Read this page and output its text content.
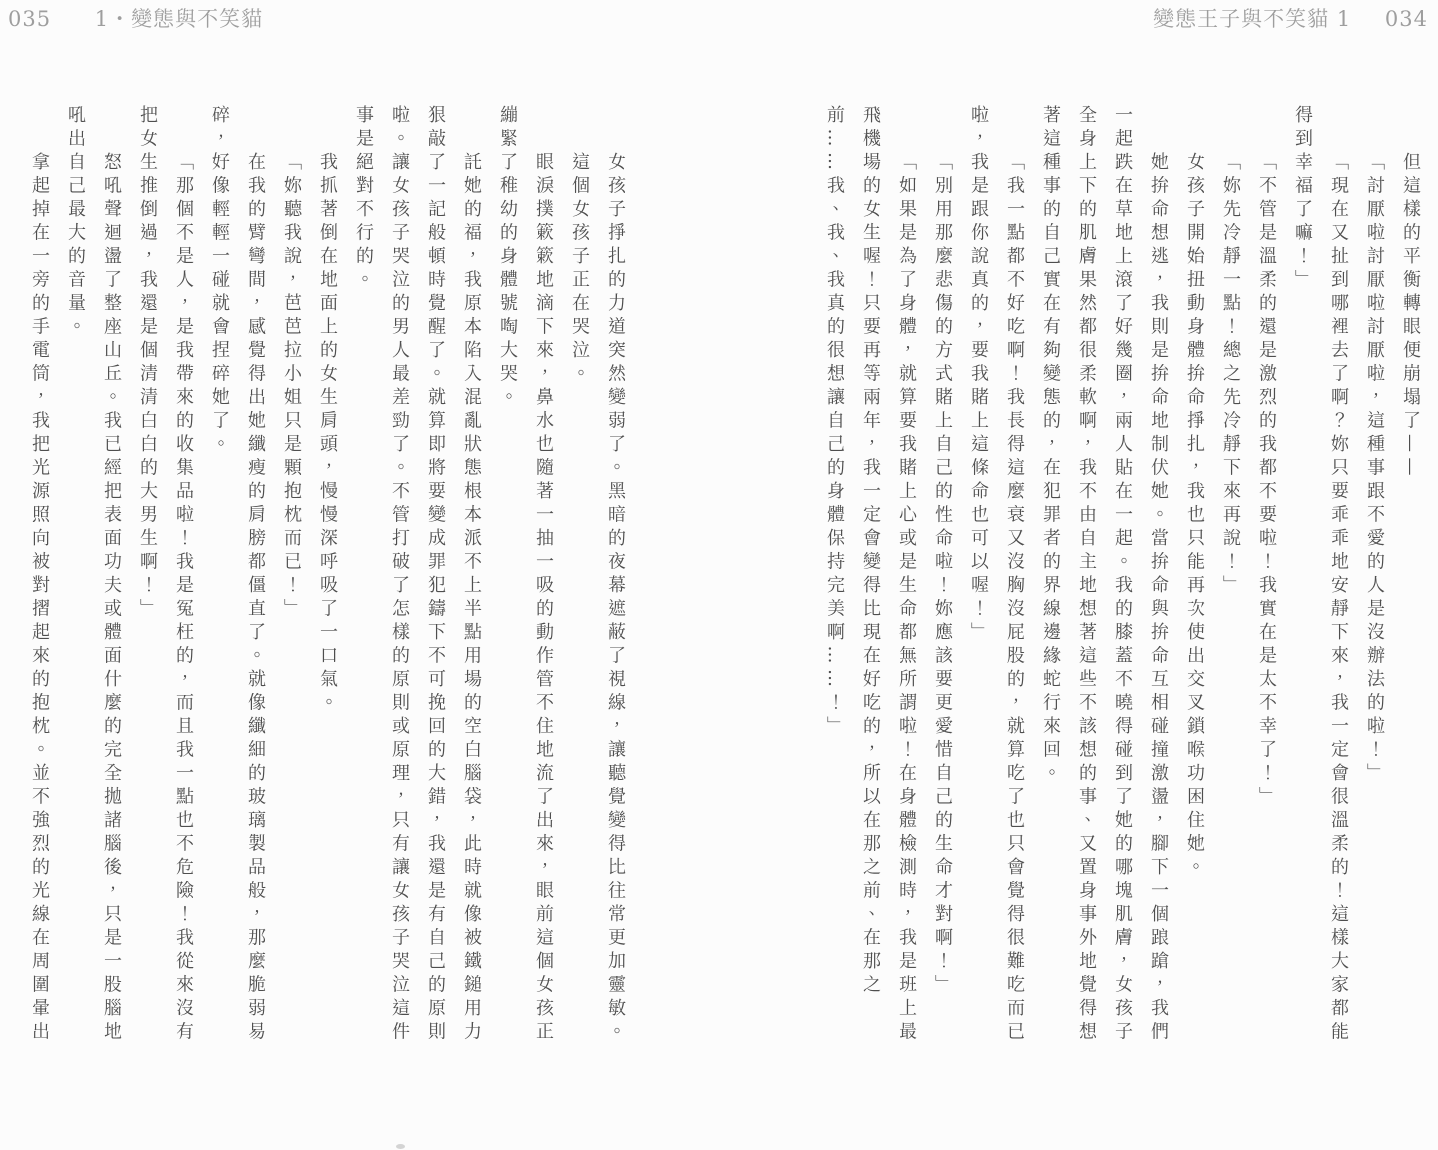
035 1・變態與不笑貓	變態王子與不笑貓 1 034

但這樣的平衡轉眼便崩塌了——

「討厭啦討厭啦討厭啦，這種事跟不愛的人是沒辦法的啦！」

「現在又扯到哪裡去了啊？妳只要乖乖地安靜下來，我一定會很溫柔的！這樣大家都能得到幸福了嘛！」

「不管是溫柔的還是激烈的我都不要啦！我實在是太不幸了！」

「妳先冷靜一點！總之先冷靜下來再說！」

女孩子開始扭動身體拚命掙扎，我也只能再次使出交叉鎖喉功困住她。

她拚命想逃，我則是拚命地制伏她。當拚命與拚命互相碰撞激盪，腳下一個踉蹌，我們一起跌在草地上滾了好幾圈，兩人貼在一起。我的膝蓋不曉得碰到了她的哪塊肌膚，女孩子全身上下的肌膚果然都很柔軟啊，我不由自主地想著這些不該想的事、又置身事外地覺得想著這種事的自己實在有夠變態的，在犯罪者的界線邊緣蛇行來回。

「我一點都不好吃啊！我長得這麼衰又沒胸沒屁股的，就算吃了也只會覺得很難吃而已啦，我是跟你說真的，要我賭上這條命也可以喔！」

「別用那麼悲傷的方式賭上自己的性命啦！妳應該要更愛惜自己的生命才對啊！」

「如果是為了身體，就算要我賭上心或是生命都無所謂啦！在身體檢測時，我是班上最飛機場的女生喔！只要再等兩年，我一定會變得比現在好吃的，所以在那之前、在那之前……我、我、我真的很想讓自己的身體保持完美啊……！」

女孩子掙扎的力道突然變弱了。黑暗的夜幕遮蔽了視線，讓聽覺變得比往常更加靈敏。

這個女孩子正在哭泣。

眼淚撲簌簌地滴下來，鼻水也隨著一抽一吸的動作管不住地流了出來，眼前這個女孩正繃緊了稚幼的身體號啕大哭。

託她的福，我原本陷入混亂狀態根本派不上半點用場的空白腦袋，此時就像被鐵鎚用力狠敲了一記般頓時覺醒了。就算即將要變成罪犯鑄下不可挽回的大錯，我還是有自己的原則啦。讓女孩子哭泣的男人最差勁了。不管打破了怎樣的原則或原理，只有讓女孩子哭泣這件事是絕對不行的。

我抓著倒在地面上的女生肩頭，慢慢深呼吸了一口氣。

「妳聽我說，芭芭拉小姐只是顆抱枕而已！」

在我的臂彎間，感覺得出她纖瘦的肩膀都僵直了。就像纖細的玻璃製品般，那麼脆弱易碎，好像輕輕一碰就會捏碎她了。

「那個不是人，是我帶來的收集品啦！我是冤枉的，而且我一點也不危險！我從來沒有把女生推倒過，我還是個清清白白的大男生啊！」

怒吼聲迴盪了整座山丘。我已經把表面功夫或體面什麼的完全拋諸腦後，只是一股腦地吼出自己最大的音量。

拿起掉在一旁的手電筒，我把光源照向被對摺起來的抱枕。並不強烈的光線在周圍暈出
